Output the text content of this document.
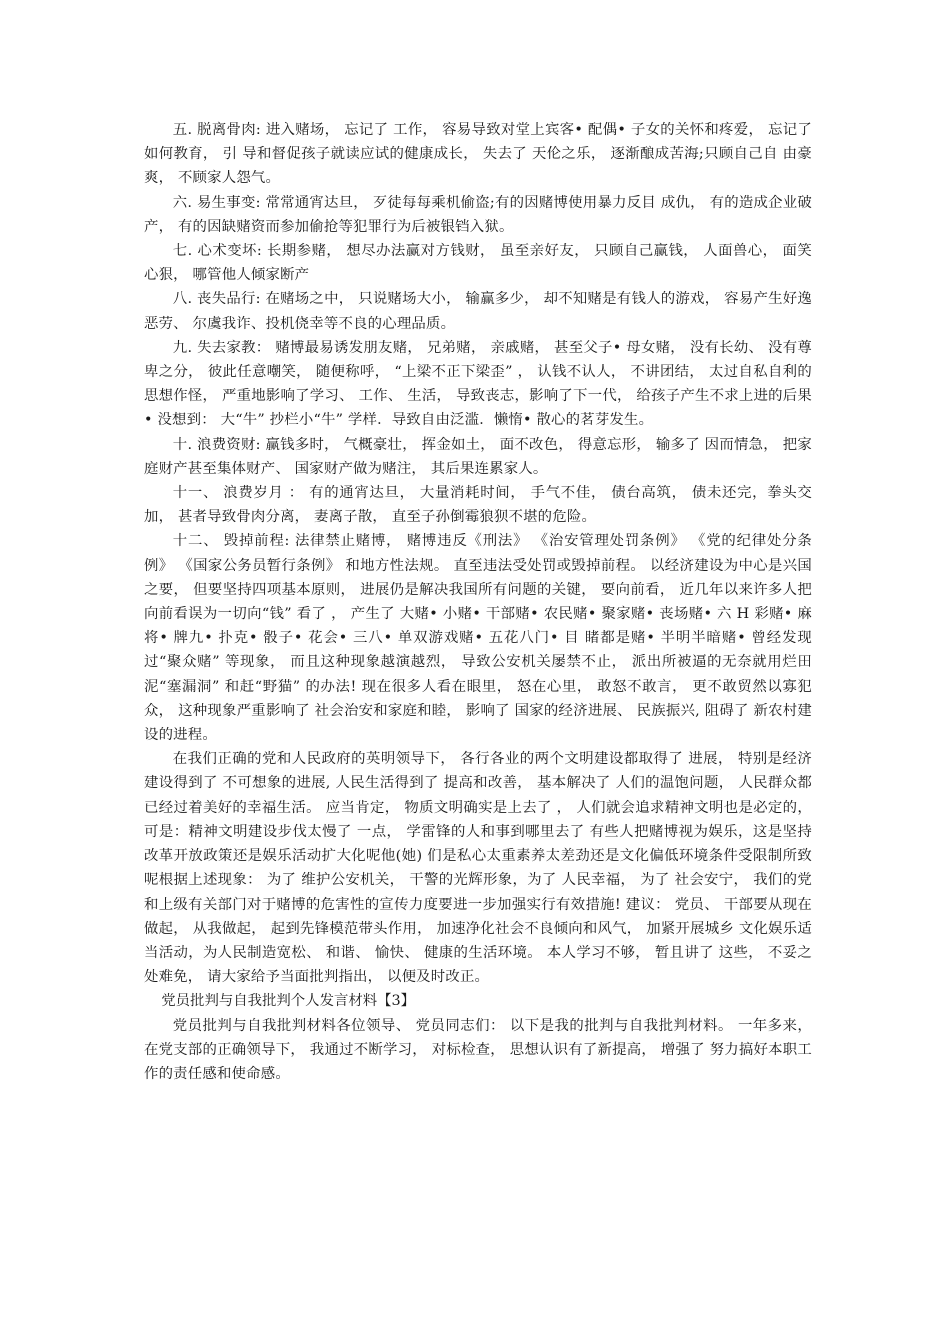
五. 脱离骨肉: 进入赌场， 忘记了 工作， 容易导致对堂上宾客• 配偶• 子女的关怀和疼爱， 忘记了 如何教育， 引 导和督促孩子就读应试的健康成长， 失去了 天伦之乐， 逐渐酿成苦海;只顾自己自 由豪爽， 不顾家人怨气。

六. 易生事变: 常常通宵达旦， 歹徒每每乘机偷盗;有的因赌博使用暴力反目 成仇， 有的造成企业破产， 有的因缺赌资而参加偷抢等犯罪行为后被银铛入狱。

七. 心术变坏: 长期参赌， 想尽办法赢对方钱财， 虽至亲好友， 只顾自己赢钱， 人面兽心， 面笑心狠， 哪管他人倾家断产

八. 丧失品行: 在赌场之中， 只说赌场大小， 输赢多少， 却不知赌是有钱人的游戏， 容易产生好逸恶劳、 尔虞我诈、投机侥幸等不良的心理品质。

九. 失去家教： 赌博最易诱发朋友赌， 兄弟赌， 亲戚赌， 甚至父子• 母女赌， 没有长幼、 没有尊卑之分， 彼此任意嘲笑， 随便称呼， “上梁不正下梁歪” ， 认钱不认人， 不讲团结， 太过自私自利的思想作怪， 严重地影响了学习、 工作、 生活， 导致丧志，影响了下一代， 给孩子产生不求上进的后果• 没想到： 大“牛” 抄栏小“牛” 学样．导致自由泛滥．懒惰• 散心的茗芽发生。

十. 浪费资财: 赢钱多时， 气概豪壮， 挥金如土， 面不改色， 得意忘形， 输多了 因而情急， 把家庭财产甚至集体财产、 国家财产做为赌注， 其后果连累家人。

十一、 浪费岁月 ： 有的通宵达旦， 大量消耗时间， 手气不佳， 债台高筑， 债未还完，拳头交加， 甚者导致骨肉分离， 妻离子散， 直至子孙倒霉狼狈不堪的危险。

十二、 毁掉前程: 法律禁止赌博， 赌博违反《刑法》 《治安管理处罚条例》 《党的纪律处分条例》 《国家公务员暂行条例》 和地方性法规。 直至违法受处罚或毁掉前程。 以经济建设为中心是兴国之要， 但要坚持四项基本原则， 进展仍是解决我国所有问题的关键， 要向前看， 近几年以来许多人把向前看误为一切向“钱” 看了 ， 产生了 大赌• 小赌• 干部赌• 农民赌• 聚家赌• 丧场赌• 六 H 彩赌• 麻将• 牌九• 扑克• 骰子• 花会• 三八• 单双游戏赌• 五花八门• 目 睹都是赌• 半明半暗赌• 曾经发现过“聚众赌” 等现象， 而且这种现象越演越烈， 导致公安机关屡禁不止， 派出所被逼的无奈就用烂田泥“塞漏洞” 和赶“野猫” 的办法! 现在很多人看在眼里， 怒在心里， 敢怒不敢言， 更不敢贸然以寡犯众， 这种现象严重影响了 社会治安和家庭和睦， 影响了 国家的经济进展、 民族振兴, 阻碍了 新农村建设的进程。

在我们正确的党和人民政府的英明领导下， 各行各业的两个文明建设都取得了 进展， 特别是经济建设得到了 不可想象的进展, 人民生活得到了 提高和改善， 基本解决了 人们的温饱问题， 人民群众都已经过着美好的幸福生活。 应当肯定， 物质文明确实是上去了 ， 人们就会追求精神文明也是必定的， 可是：精神文明建设步伐太慢了 一点， 学雷锋的人和事到哪里去了 有些人把赌博视为娱乐，这是坚持改革开放政策还是娱乐活动扩大化呢他(她) 们是私心太重素养太差劲还是文化偏低环境条件受限制所致呢根据上述现象： 为了 维护公安机关， 干警的光辉形象，为了 人民幸福， 为了 社会安宁， 我们的党和上级有关部门对于赌博的危害性的宣传力度要进一步加强实行有效措施! 建议： 党员、 干部要从现在做起， 从我做起， 起到先锋模范带头作用， 加速净化社会不良倾向和风气， 加紧开展城乡 文化娱乐适当活动，为人民制造宽松、 和谐、 愉快、 健康的生活环境。 本人学习不够， 暂且讲了 这些， 不妥之处难免， 请大家给予当面批判指出， 以便及时改正。

党员批判与自我批判个人发言材料【3】

党员批判与自我批判材料各位领导、 党员同志们： 以下是我的批判与自我批判材料。 一年多来， 在党支部的正确领导下， 我通过不断学习， 对标检查， 思想认识有了新提高， 增强了 努力搞好本职工作的责任感和使命感。
